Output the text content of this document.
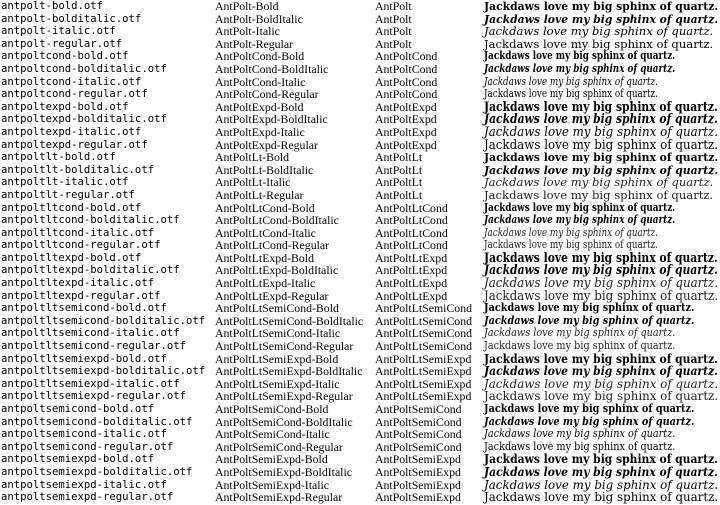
antpolt-bold.otf	AntPolt-Bold	AntPolt	Jackdaws love my big sphinx of quartz.
antpolt-bolditalic.otf	AntPolt-BoldItalic	AntPolt	Jackdaws love my big sphinx of quartz.
antpolt-italic.otf	AntPolt-Italic	AntPolt	Jackdaws love my big sphinx of quartz.
antpolt-regular.otf	AntPolt-Regular	AntPolt	Jackdaws love my big sphinx of quartz.
antpoltcond-bold.otf	AntPoltCond-Bold	AntPoltCond	Jackdaws love my big sphinx of quartz.
antpoltcond-bolditalic.otf	AntPoltCond-BoldItalic	AntPoltCond	Jackdaws love my big sphinx of quartz.
antpoltcond-italic.otf	AntPoltCond-Italic	AntPoltCond	Jackdaws love my big sphinx of quartz.
antpoltcond-regular.otf	AntPoltCond-Regular	AntPoltCond	Jackdaws love my big sphinx of quartz.
antpoltexpd-bold.otf	AntPoltExpd-Bold	AntPoltExpd	Jackdaws love my big sphinx of quartz.
antpoltexpd-bolditalic.otf	AntPoltExpd-BoldItalic	AntPoltExpd	Jackdaws love my big sphinx of quartz.
antpoltexpd-italic.otf	AntPoltExpd-Italic	AntPoltExpd	Jackdaws love my big sphinx of quartz.
antpoltexpd-regular.otf	AntPoltExpd-Regular	AntPoltExpd	Jackdaws love my big sphinx of quartz.
antpoltlt-bold.otf	AntPoltLt-Bold	AntPoltLt	Jackdaws love my big sphinx of quartz.
antpoltlt-bolditalic.otf	AntPoltLt-BoldItalic	AntPoltLt	Jackdaws love my big sphinx of quartz.
antpoltlt-italic.otf	AntPoltLt-Italic	AntPoltLt	Jackdaws love my big sphinx of quartz.
antpoltlt-regular.otf	AntPoltLt-Regular	AntPoltLt	Jackdaws love my big sphinx of quartz.
antpoltltcond-bold.otf	AntPoltLtCond-Bold	AntPoltLtCond	Jackdaws love my big sphinx of quartz.
antpoltltcond-bolditalic.otf	AntPoltLtCond-BoldItalic	AntPoltLtCond	Jackdaws love my big sphinx of quartz.
antpoltltcond-italic.otf	AntPoltLtCond-Italic	AntPoltLtCond	Jackdaws love my big sphinx of quartz.
antpoltltcond-regular.otf	AntPoltLtCond-Regular	AntPoltLtCond	Jackdaws love my big sphinx of quartz.
antpoltltexpd-bold.otf	AntPoltLtExpd-Bold	AntPoltLtExpd	Jackdaws love my big sphinx of quartz.
antpoltltexpd-bolditalic.otf	AntPoltLtExpd-BoldItalic	AntPoltLtExpd	Jackdaws love my big sphinx of quartz.
antpoltltexpd-italic.otf	AntPoltLtExpd-Italic	AntPoltLtExpd	Jackdaws love my big sphinx of quartz.
antpoltltexpd-regular.otf	AntPoltLtExpd-Regular	AntPoltLtExpd	Jackdaws love my big sphinx of quartz.
antpoltltsemicond-bold.otf	AntPoltLtSemiCond-Bold	AntPoltLtSemiCond Jackdaws love my big sphinx of quartz.
antpoltltsemicond-bolditalic.otf AntPoltLtSemiCond-BoldItalic AntPoltLtSemiCond Jackdaws love my big sphinx of quartz.
antpoltltsemicond-italic.otf	AntPoltLtSemiCond-Italic	AntPoltLtSemiCond Jackdaws love my big sphinx of quartz.
antpoltltsemicond-regular.otf AntPoltLtSemiCond-Regular AntPoltLtSemiCond Jackdaws love my big sphinx of quartz.
antpoltltsemiexpd-bold.otf	AntPoltLtSemiExpd-Bold	AntPoltLtSemiExpd Jackdaws love my big sphinx of quartz.
antpoltltsemiexpd-bolditalic.otf AntPoltLtSemiExpd-BoldItalic AntPoltLtSemiExpd Jackdaws love my big sphinx of quartz.
antpoltltsemiexpd-italic.otf	AntPoltLtSemiExpd-Italic	AntPoltLtSemiExpd Jackdaws love my big sphinx of quartz.
antpoltltsemiexpd-regular.otf AntPoltLtSemiExpd-Regular AntPoltLtSemiExpd Jackdaws love my big sphinx of quartz.
antpoltsemicond-bold.otf	AntPoltSemiCond-Bold	AntPoltSemiCond Jackdaws love my big sphinx of quartz.
antpoltsemicond-bolditalic.otf AntPoltSemiCond-BoldItalic AntPoltSemiCond Jackdaws love my big sphinx of quartz.
antpoltsemicond-italic.otf	AntPoltSemiCond-Italic	AntPoltSemiCond Jackdaws love my big sphinx of quartz.
antpoltsemicond-regular.otf	AntPoltSemiCond-Regular	AntPoltSemiCond Jackdaws love my big sphinx of quartz.
antpoltsemiexpd-bold.otf	AntPoltSemiExpd-Bold	AntPoltSemiExpd Jackdaws love my big sphinx of quartz.
antpoltsemiexpd-bolditalic.otf AntPoltSemiExpd-BoldItalic AntPoltSemiExpd Jackdaws love my big sphinx of quartz.
antpoltsemiexpd-italic.otf	AntPoltSemiExpd-Italic	AntPoltSemiExpd Jackdaws love my big sphinx of quartz.
antpoltsemiexpd-regular.otf	AntPoltSemiExpd-Regular	AntPoltSemiExpd Jackdaws love my big sphinx of quartz.
